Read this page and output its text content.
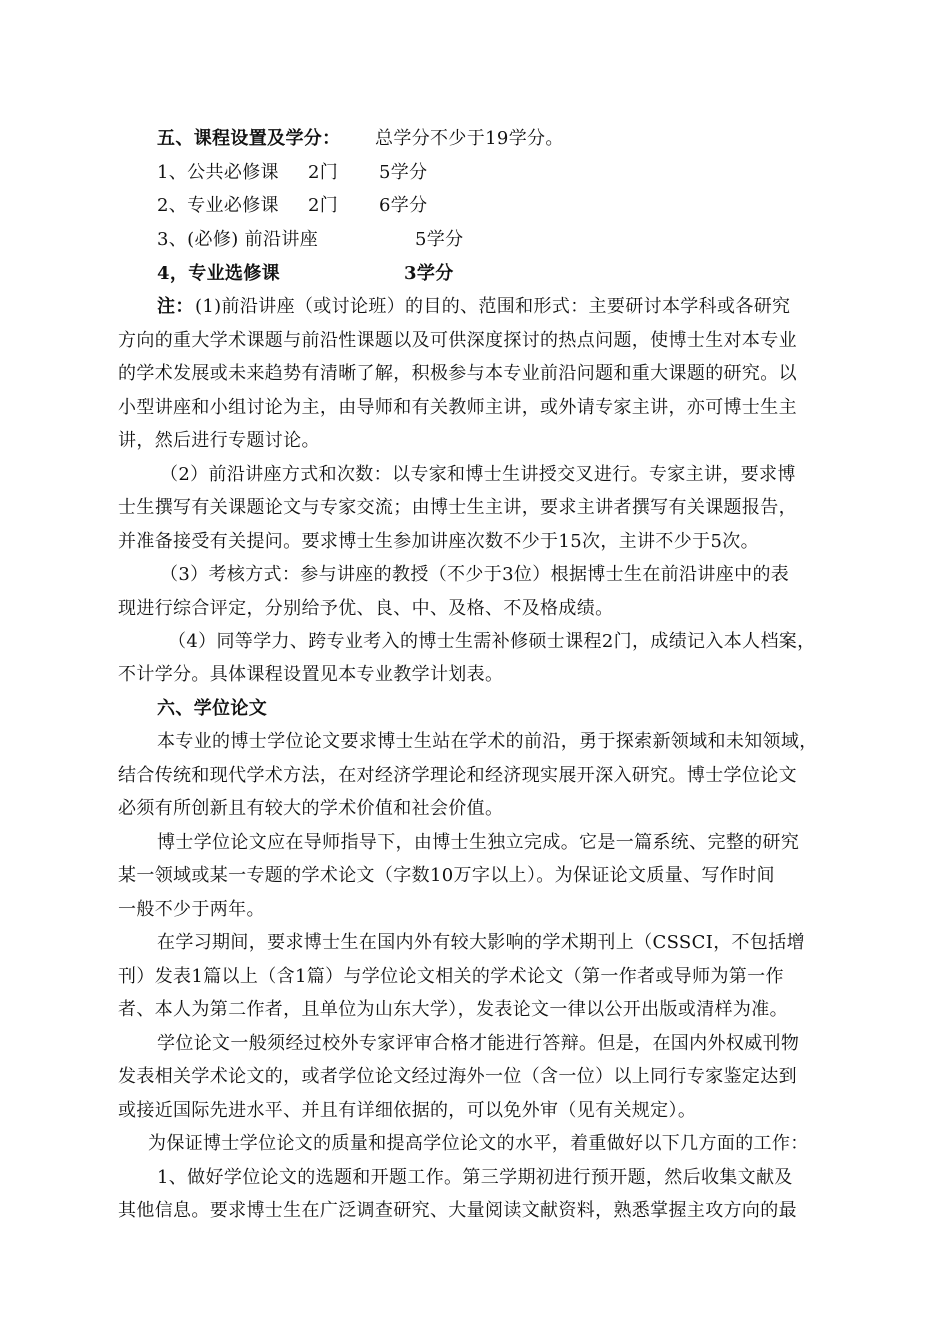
五、课程设置及学分： 总学分不少于19学分。
1、公共必修课 2门 5学分
2、专业必修课 2门 6学分
3、(必修) 前沿讲座	5学分
4，专业选修课	3学分
注： (1)前沿讲座（或讨论班）的目的、范围和形式：主要研讨本学科或各研究
方向的重大学术课题与前沿性课题以及可供深度探讨的热点问题，使博士生对本专业
的学术发展或未来趋势有清晰了解，积极参与本专业前沿问题和重大课题的研究。以
小型讲座和小组讨论为主，由导师和有关教师主讲，或外请专家主讲，亦可博士生主
讲，然后进行专题讨论。
（2）前沿讲座方式和次数：以专家和博士生讲授交叉进行。专家主讲，要求博
士生撰写有关课题论文与专家交流；由博士生主讲，要求主讲者撰写有关课题报告，
并准备接受有关提问。要求博士生参加讲座次数不少于15次，主讲不少于5次。
（3）考核方式：参与讲座的教授（不少于3位）根据博士生在前沿讲座中的表
现进行综合评定，分别给予优、良、中、及格、不及格成绩。
（4）同等学力、跨专业考入的博士生需补修硕士课程2门，成绩记入本人档案，
不计学分。具体课程设置见本专业教学计划表。
六、学位论文
本专业的博士学位论文要求博士生站在学术的前沿，勇于探索新领域和未知领域，
结合传统和现代学术方法，在对经济学理论和经济现实展开深入研究。博士学位论文
必须有所创新且有较大的学术价值和社会价值。
博士学位论文应在导师指导下，由博士生独立完成。它是一篇系统、完整的研究
某一领域或某一专题的学术论文（字数10万字以上）。为保证论文质量、写作时间
一般不少于两年。
在学习期间，要求博士生在国内外有较大影响的学术期刊上（CSSCI，不包括增
刊）发表1篇以上（含1篇）与学位论文相关的学术论文（第一作者或导师为第一作
者、本人为第二作者，且单位为山东大学），发表论文一律以公开出版或清样为准。
学位论文一般须经过校外专家评审合格才能进行答辩。但是，在国内外权威刊物
发表相关学术论文的，或者学位论文经过海外一位（含一位）以上同行专家鉴定达到
或接近国际先进水平、并且有详细依据的，可以免外审（见有关规定）。
为保证博士学位论文的质量和提高学位论文的水平，着重做好以下几方面的工作：
1、做好学位论文的选题和开题工作。第三学期初进行预开题，然后收集文献及
其他信息。要求博士生在广泛调查研究、大量阅读文献资料，熟悉掌握主攻方向的最
